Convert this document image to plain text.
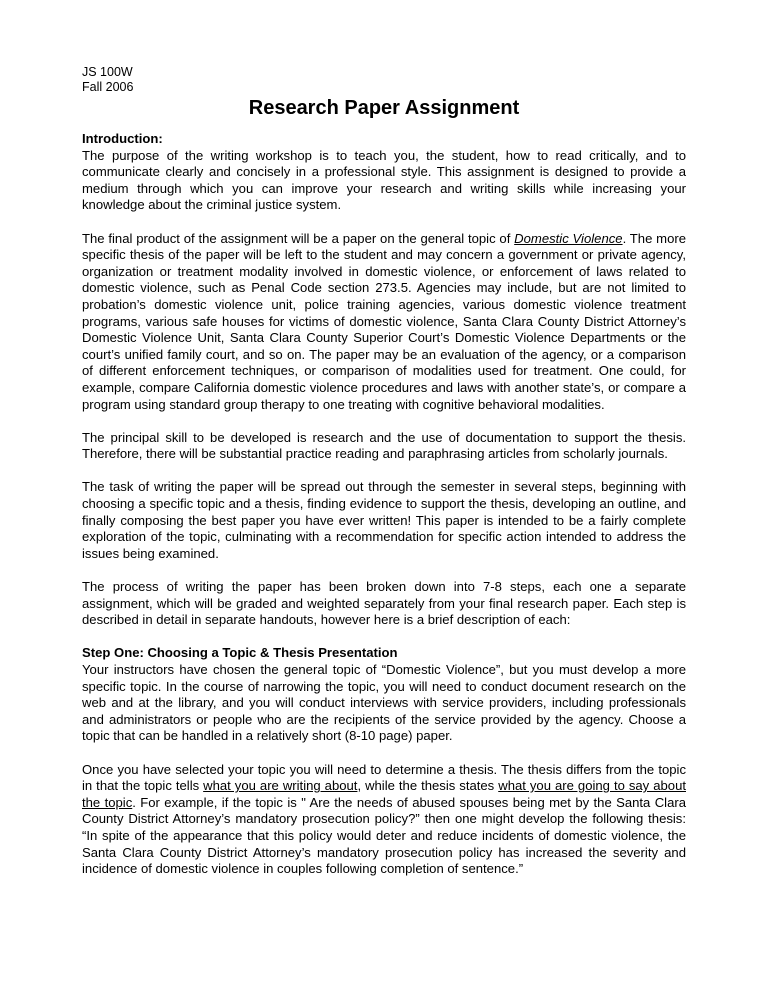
JS 100W
Fall 2006
Research Paper Assignment
Introduction:

The purpose of the writing workshop is to teach you, the student, how to read critically, and to communicate clearly and concisely in a professional style. This assignment is designed to provide a medium through which you can improve your research and writing skills while increasing your knowledge about the criminal justice system.

The final product of the assignment will be a paper on the general topic of Domestic Violence. The more specific thesis of the paper will be left to the student and may concern a government or private agency, organization or treatment modality involved in domestic violence, or enforcement of laws related to domestic violence, such as Penal Code section 273.5. Agencies may include, but are not limited to probation’s domestic violence unit, police training agencies, various domestic violence treatment programs, various safe houses for victims of domestic violence, Santa Clara County District Attorney’s Domestic Violence Unit, Santa Clara County Superior Court’s Domestic Violence Departments or the court’s unified family court, and so on. The paper may be an evaluation of the agency, or a comparison of different enforcement techniques, or comparison of modalities used for treatment. One could, for example, compare California domestic violence procedures and laws with another state’s, or compare a program using standard group therapy to one treating with cognitive behavioral modalities.

The principal skill to be developed is research and the use of documentation to support the thesis. Therefore, there will be substantial practice reading and paraphrasing articles from scholarly journals.

The task of writing the paper will be spread out through the semester in several steps, beginning with choosing a specific topic and a thesis, finding evidence to support the thesis, developing an outline, and finally composing the best paper you have ever written! This paper is intended to be a fairly complete exploration of the topic, culminating with a recommendation for specific action intended to address the issues being examined.

The process of writing the paper has been broken down into 7-8 steps, each one a separate assignment, which will be graded and weighted separately from your final research paper. Each step is described in detail in separate handouts, however here is a brief description of each:

Step One: Choosing a Topic & Thesis Presentation

Your instructors have chosen the general topic of “Domestic Violence”, but you must develop a more specific topic. In the course of narrowing the topic, you will need to conduct document research on the web and at the library, and you will conduct interviews with service providers, including professionals and administrators or people who are the recipients of the service provided by the agency. Choose a topic that can be handled in a relatively short (8-10 page) paper.

Once you have selected your topic you will need to determine a thesis. The thesis differs from the topic in that the topic tells what you are writing about, while the thesis states what you are going to say about the topic. For example, if the topic is " Are the needs of abused spouses being met by the Santa Clara County District Attorney’s mandatory prosecution policy?” then one might develop the following thesis: “In spite of the appearance that this policy would deter and reduce incidents of domestic violence, the Santa Clara County District Attorney’s mandatory prosecution policy has increased the severity and incidence of domestic violence in couples following completion of sentence.”
